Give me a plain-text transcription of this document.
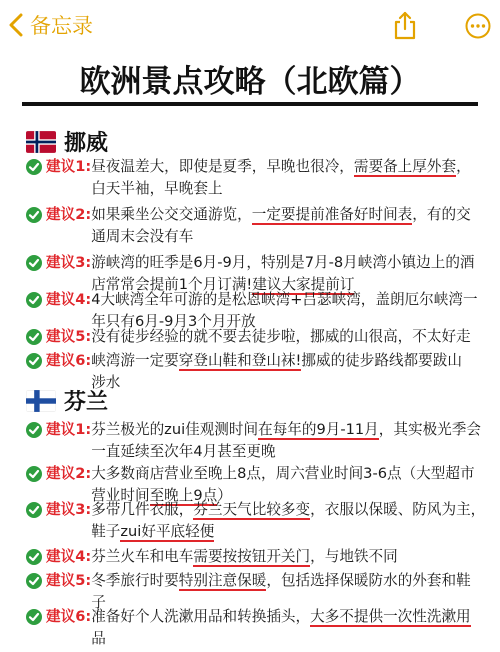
备忘录
欧洲景点攻略（北欧篇）
挪威
建议1: 昼夜温差大，即使是夏季，早晚也很冷，需要备上厚外套，
白天半袖，早晚套上
建议2: 如果乘坐公交交通游览，一定要提前准备好时间表，有的交
通周末会没有车
建议3: 游峡湾的旺季是6月-9月，特别是7月-8月峡湾小镇边上的酒
店常常会提前1个月订满!建议大家提前订
建议4: 4大峡湾全年可游的是松恩峡湾+吕瑟峡湾，盖朗厄尔峡湾一
年只有6月-9月3个月开放
建议5: 没有徒步经验的就不要去徒步啦，挪威的山很高，不太好走
建议6: 峡湾游一定要穿登山鞋和登山袜!挪威的徒步路线都要跋山
涉水
芬兰
建议1: 芬兰极光的zui佳观测时间在每年的9月-11月，其实极光季会
一直延续至次年4月甚至更晚
建议2: 大多数商店营业至晚上8点，周六营业时间3-6点（大型超市
营业时间至晚上9点）
建议3: 多带几件衣服，芬兰天气比较多变，衣服以保暖、防风为主，
鞋子zui好平底轻便
建议4: 芬兰火车和电车需要按按钮开关门，与地铁不同
建议5: 冬季旅行时要特别注意保暖，包括选择保暖防水的外套和鞋
子
建议6: 准备好个人洗漱用品和转换插头，大多不提供一次性洗漱用
品
